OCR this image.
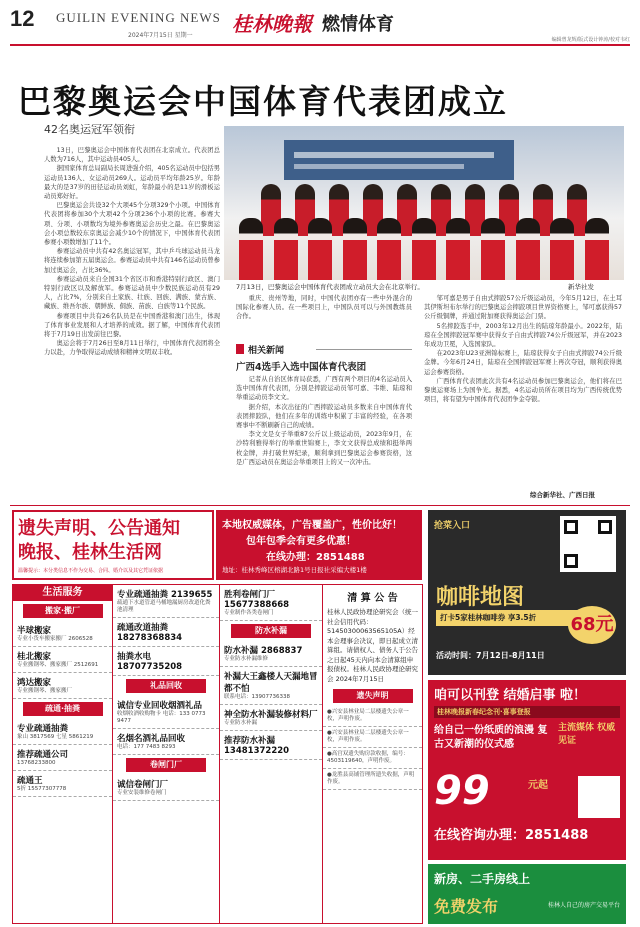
12 GUILIN EVENING NEWS
2024年7月15日 星期一 桂林晚報 燃情体育
编辑曾龙辉/版式设计钟涛/校对韦红
巴黎奥运会中国体育代表团成立
42名奥运冠军领衔
7月13日，巴黎奥运会中国体育代表团成立动员大会在北京举行。	新华社发

13日，巴黎奥运会中国体育代表团在北京成立。代表团总人数为716人，其中运动员405人。

据国家体育总局副局长周进强介绍，405名运动员中包括男运动员136人、女运动员269人。运动员平均年龄25岁。年龄最大的是37岁的田径运动员刘虹，年龄最小的是11岁的滑板运动员郑好好。

巴黎奥运会共设32个大项45个分项329个小项。中国体育代表团将参加30个大项42个分项236个小项的比赛。参赛大项、分项、小项数均为境外参赛奥运会历史之最。在巴黎奥运会小项总数较东京奥运会减少10个的情况下，中国体育代表团参赛小项数增加了11个。

参赛运动员中共有42名奥运冠军，其中乒乓球运动员马龙将连续参加第五届奥运会。参赛运动员中共有146名运动员曾参加过奥运会，占比36%。

参赛运动员来自全国31个省区市和香港特别行政区、澳门特别行政区以及解放军。参赛运动员中少数民族运动员有29人，占比7%，分别来自土家族、壮族、回族、满族、蒙古族、藏族、维吾尔族、朝鲜族、侗族、苗族、白族等11个民族。

参赛项目中共有26名队员是在中国香港和澳门出生，体现了体育事业发展和人才培养的成效。据了解，中国体育代表团将于7月19日出发前往巴黎。

奥运会将于7月26日至8月11日举行，中国体育代表团将全力以赴，力争取得运动成绩和精神文明双丰收。

重庆、贵州等地，同时，中国代表团亦有一些中外混合的国际化参赛人员。在一些项目上，中国队员可以与外国教练员合作。

相关新闻
广西4选手入选中国体育代表团

记者从自治区体育局获悉，广西有两个项目的4名运动员入选中国体育代表团，分别是摔跤运动员邹可嘉、韦维、陆琼和举重运动员李文文。

据介绍，本次出征的广西摔跤运动员多数来自中国体育代表团摔跤队，他们在多年的训练中积累了丰富的经验，在各项赛事中不断刷新自己的成绩。

李文文是女子举重87公斤以上级运动员，2023年9月，在沙特利雅得举行的举重世锦赛上，李文文获得总成绩和挺举两枚金牌，并打破世界纪录，顺利拿到巴黎奥运会参赛资格，这是广西运动员在奥运会举重项目上的又一次冲击。

邹可嘉是男子自由式摔跤57公斤级运动员，今年5月12日，在土耳其伊斯坦布尔举行的巴黎奥运会摔跤项目世界资格赛上，邹可嘉获得57公斤级铜牌，并通过附加赛获得奥运会门票。

5名摔跤选手中，2003年12月出生的陆琼年龄最小。2022年，陆琼在全国摔跤冠军赛中获得女子自由式摔跤74公斤级冠军，并在2023年成功卫冕，入选国家队。

在2023年U23亚洲锦标赛上，陆琼获得女子自由式摔跤74公斤级金牌。今年6月24日，陆琼在全国摔跤冠军赛上再次夺冠，顺利获得奥运会参赛资格。

广西体育代表团此次共有4名运动员参加巴黎奥运会，他们将在巴黎奥运赛场上为国争光。据悉，4名运动员所在项目均为广西传统优势项目，将有望为中国体育代表团争金夺银。

综合新华社、广西日报
遗失声明、公告通知
晚报、桂林生活网
温馨提示：本分类信息不作为交易、合同、婚介以及其它凭证依据
本地权威媒体，广告覆盖广，性价比好！
包年包季会有更多优惠！
在线办理：2851488
地址：桂林秀峰区榕湖北路1号日报社采编大楼1楼
生活服务
搬家·搬厂
半球搬家
专业小货车搬家搬厂 2606528
桂北搬家
专业搬钢琴、搬家搬厂 2512691
鸿达搬家
专业搬钢琴、搬家搬厂
疏通·抽粪
专业疏通抽粪
象山 3817569 七星 5861219
推荐疏通公司
13768233800
疏通王
5折 15577307778
专业疏通抽粪 2139655
疏通下水道管道马桶地漏厨房改道化粪池清理
疏通改道抽粪 18278368834
抽粪水电 18707735208
礼品回收
诚信专业回收烟酒礼品
收烟收酒收购物卡 电话：133 0773 9477
名烟名酒礼品回收
电话：177 7483 8293
卷闸门厂
诚信卷闸门厂
专业安装维修卷闸门
胜利卷闸门厂 15677388668
专业制作各类卷闸门
防水补漏
防水补漏 2868837
专业防水补漏维修
补漏大王鑫楼人天漏地冒都不怕
联系电话：13907736338
神全防水补漏装修材料厂
专业防水补漏
推荐防水补漏 13481372220
清 算 公 告
桂林人民政协理论研究会（统一社会信用代码：51450300063565105A）经本会理事会决议，即日起成立清算组。请债权人、债务人于公告之日起45天内向本会清算组申报债权。桂林人民政协理论研究会 2024年7月15日
遗失声明
●兴安县林业局二层楼遗失公章一枚，声明作废。
●兴安县林业局二层楼遗失公章一枚，声明作废。
●高宫双遗失购房款收据，编号：4503119640，声明作废。
●龙胜县高铺管理所遗失收据，声明作废。
抢菜入口
咖啡地图
打卡5家桂林咖啡券 享3.5折	68元
活动时间：7月12日-8月11日
咱可以刊登 结婚启事 啦！
桂林晚报新春纪念刊·喜事登报
给自己一份纸质的浪漫 复古又新潮的仪式感
主流媒体 权威见证
99	元起
在线咨询办理：2851488
新房、二手房线上
免费发布	桂林人自己的房产交易平台
